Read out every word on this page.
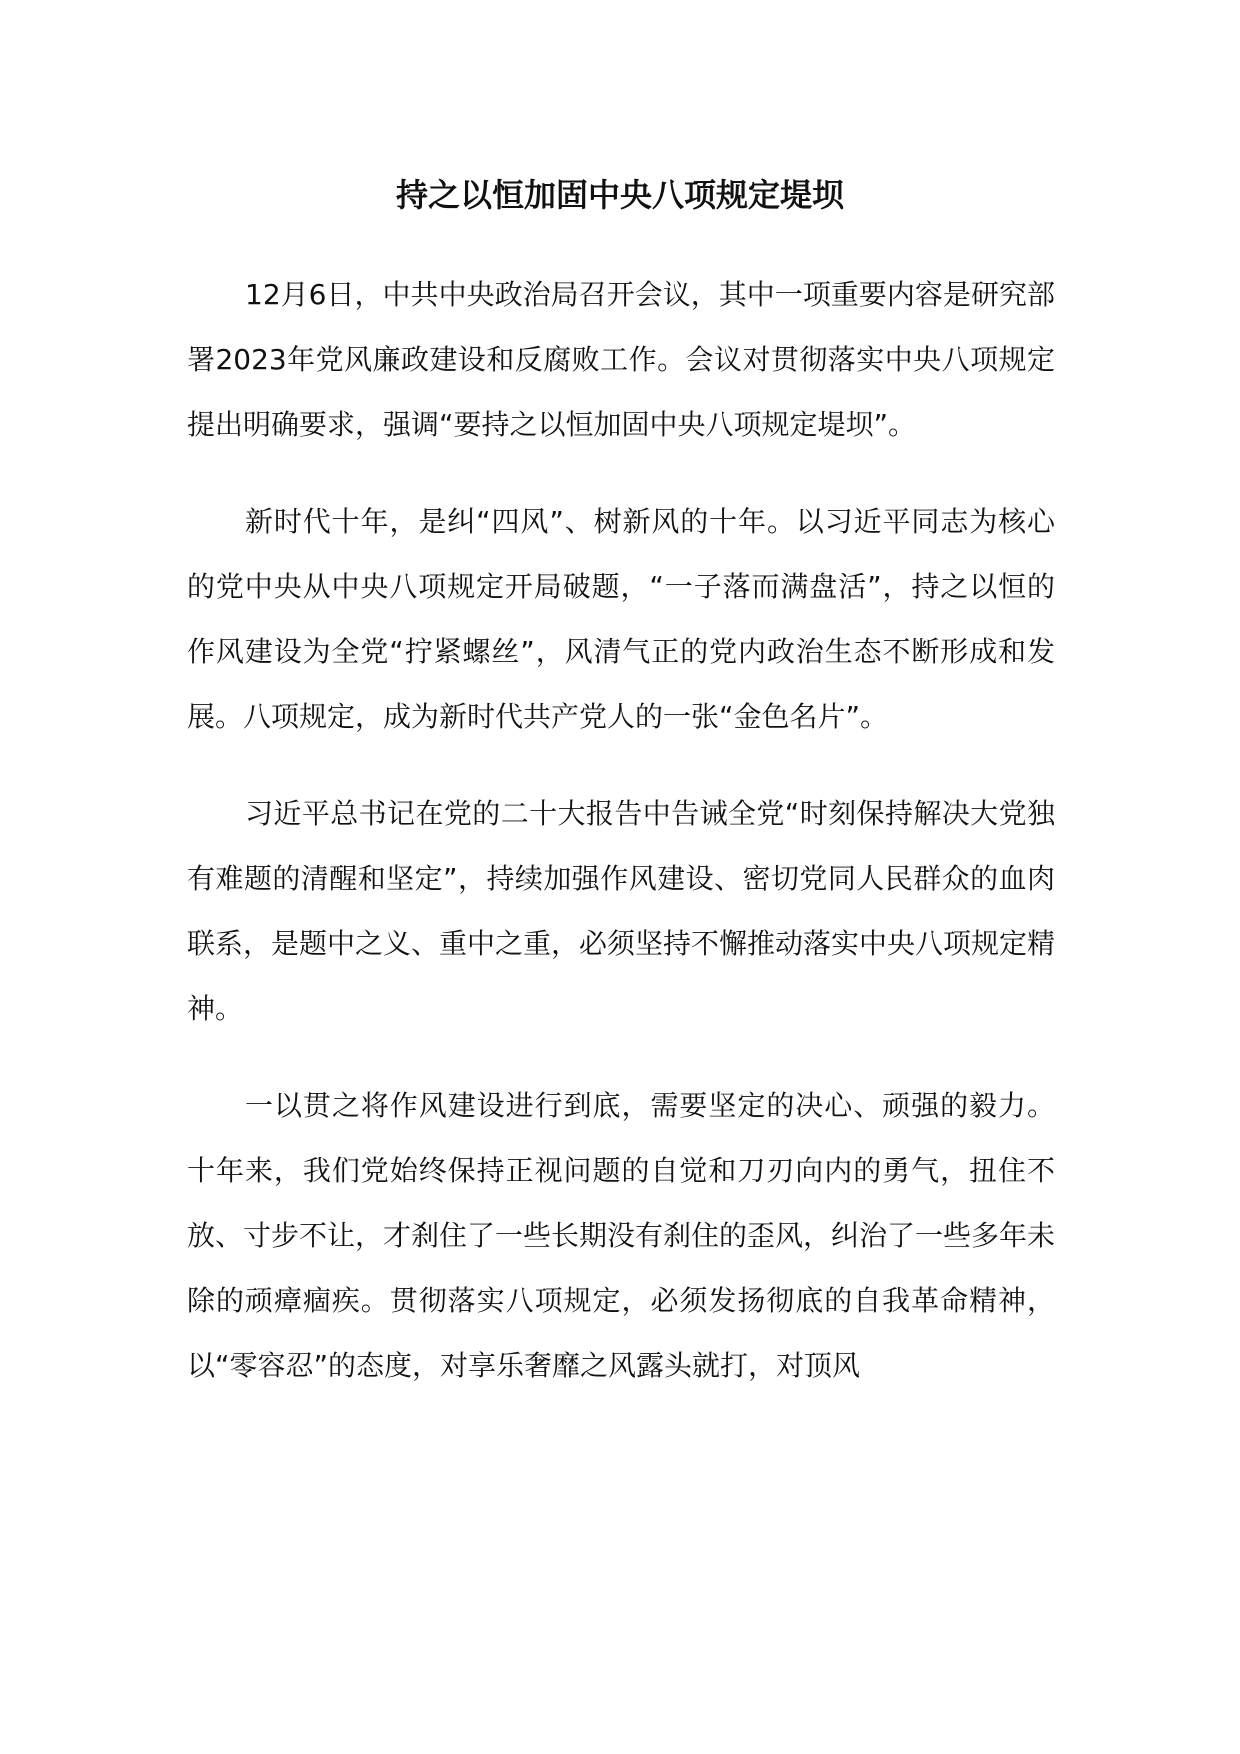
持之以恒加固中央八项规定堤坝

12月6日，中共中央政治局召开会议，其中一项重要内容是研究部署2023年党风廉政建设和反腐败工作。会议对贯彻落实中央八项规定提出明确要求，强调“要持之以恒加固中央八项规定堤坝”。

新时代十年，是纠“四风”、树新风的十年。以习近平同志为核心的党中央从中央八项规定开局破题，“一子落而满盘活”，持之以恒的作风建设为全党“拧紧螺丝”，风清气正的党内政治生态不断形成和发展。八项规定，成为新时代共产党人的一张“金色名片”。

习近平总书记在党的二十大报告中告诫全党“时刻保持解决大党独有难题的清醒和坚定”，持续加强作风建设、密切党同人民群众的血肉联系，是题中之义、重中之重，必须坚持不懈推动落实中央八项规定精神。

一以贯之将作风建设进行到底，需要坚定的决心、顽强的毅力。十年来，我们党始终保持正视问题的自觉和刀刃向内的勇气，扭住不放、寸步不让，才刹住了一些长期没有刹住的歪风，纠治了一些多年未除的顽瘴痼疾。贯彻落实八项规定，必须发扬彻底的自我革命精神，以“零容忍”的态度，对享乐奢靡之风露头就打，对顶风
